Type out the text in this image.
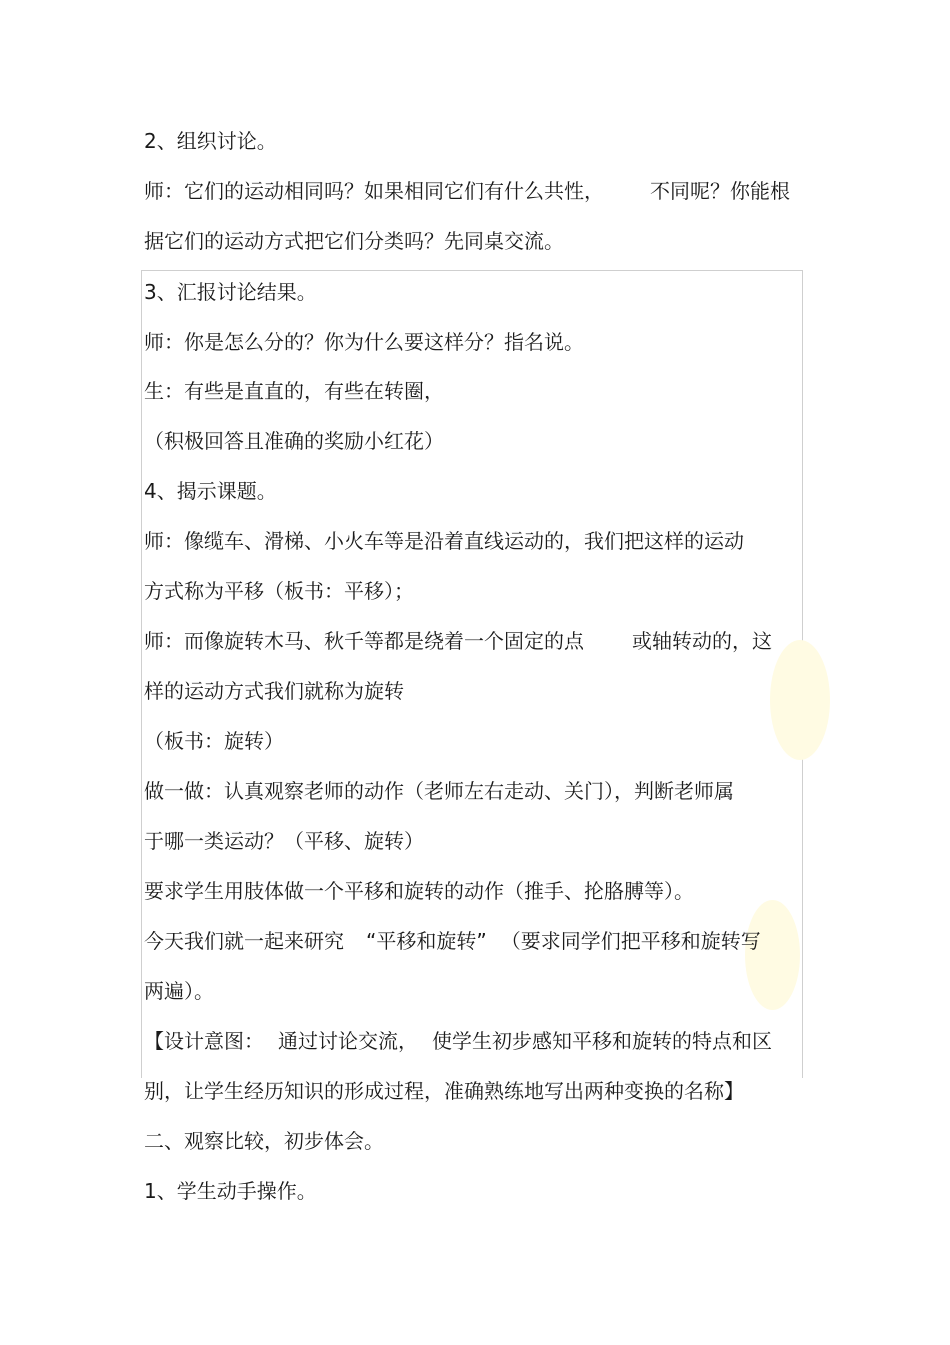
2、组织讨论。
师：它们的运动相同吗？如果相同它们有什么共性， 不同呢？你能根
据它们的运动方式把它们分类吗？先同桌交流。
3、汇报讨论结果。
师：你是怎么分的？你为什么要这样分？指名说。
生：有些是直直的，有些在转圈，
（积极回答且准确的奖励小红花）
4、揭示课题。
师：像缆车、滑梯、小火车等是沿着直线运动的，我们把这样的运动
方式称为平移（板书：平移）；
师：而像旋转木马、秋千等都是绕着一个固定的点 或轴转动的，这
样的运动方式我们就称为旋转
（板书：旋转）
做一做：认真观察老师的动作（老师左右走动、关门），判断老师属
于哪一类运动？（平移、旋转）
要求学生用肢体做一个平移和旋转的动作（推手、抡胳膊等）。
今天我们就一起来研究 “平移和旋转” （要求同学们把平移和旋转写
两遍）。
【设计意图： 通过讨论交流， 使学生初步感知平移和旋转的特点和区
别，让学生经历知识的形成过程，准确熟练地写出两种变换的名称】
二、观察比较，初步体会。
1、学生动手操作。
